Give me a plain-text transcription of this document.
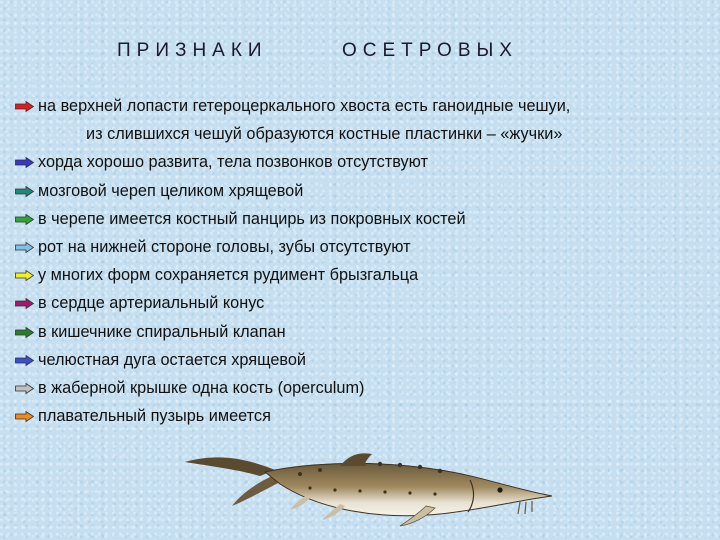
ПРИЗНАКИ	ОСЕТРОВЫХ
на верхней лопасти гетероцеркального хвоста есть ганоидные чешуи,
из слившихся чешуй образуются костные пластинки – «жучки»
хорда хорошо развита, тела позвонков отсутствуют
мозговой череп целиком хрящевой
в черепе имеется костный панцирь из покровных костей
рот на нижней стороне головы, зубы отсутствуют
у многих форм сохраняется рудимент брызгальца
в сердце артериальный конус
в кишечнике спиральный клапан
челюстная дуга остается хрящевой
в жаберной крышке одна кость (operculum)
плавательный пузырь имеется
